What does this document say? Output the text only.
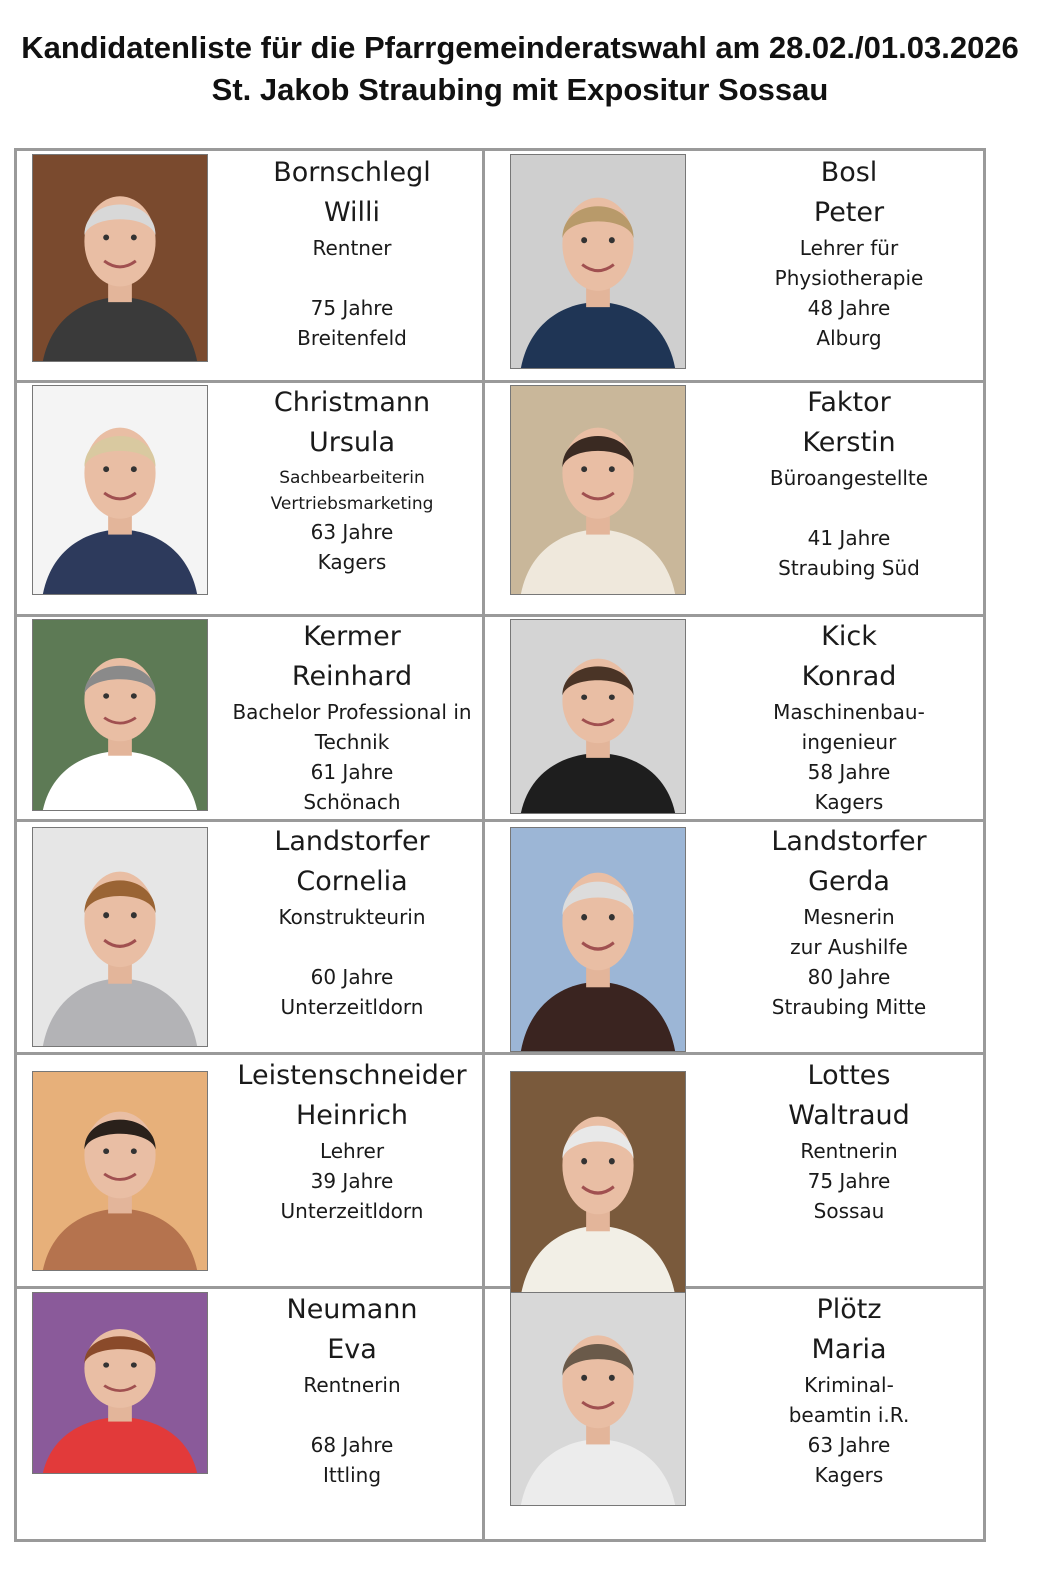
Kandidatenliste für die Pfarrgemeinderatswahl am 28.02./01.03.2026
St. Jakob Straubing mit Expositur Sossau
Bornschlegl
Willi
Rentner
75 Jahre
Breitenfeld
Bosl
Peter
Lehrer für
Physiotherapie
48 Jahre
Alburg
Christmann
Ursula
Sachbearbeiterin
Vertriebsmarketing
63 Jahre
Kagers
Faktor
Kerstin
Büroangestellte
41 Jahre
Straubing Süd
Kermer
Reinhard
Bachelor Professional in
Technik
61 Jahre
Schönach
Kick
Konrad
Maschinenbau-
ingenieur
58 Jahre
Kagers
Landstorfer
Cornelia
Konstrukteurin
60 Jahre
Unterzeitldorn
Landstorfer
Gerda
Mesnerin
zur Aushilfe
80 Jahre
Straubing Mitte
Leistenschneider
Heinrich
Lehrer
39 Jahre
Unterzeitldorn
Lottes
Waltraud
Rentnerin
75 Jahre
Sossau
Neumann
Eva
Rentnerin
68 Jahre
Ittling
Plötz
Maria
Kriminal-
beamtin i.R.
63 Jahre
Kagers
